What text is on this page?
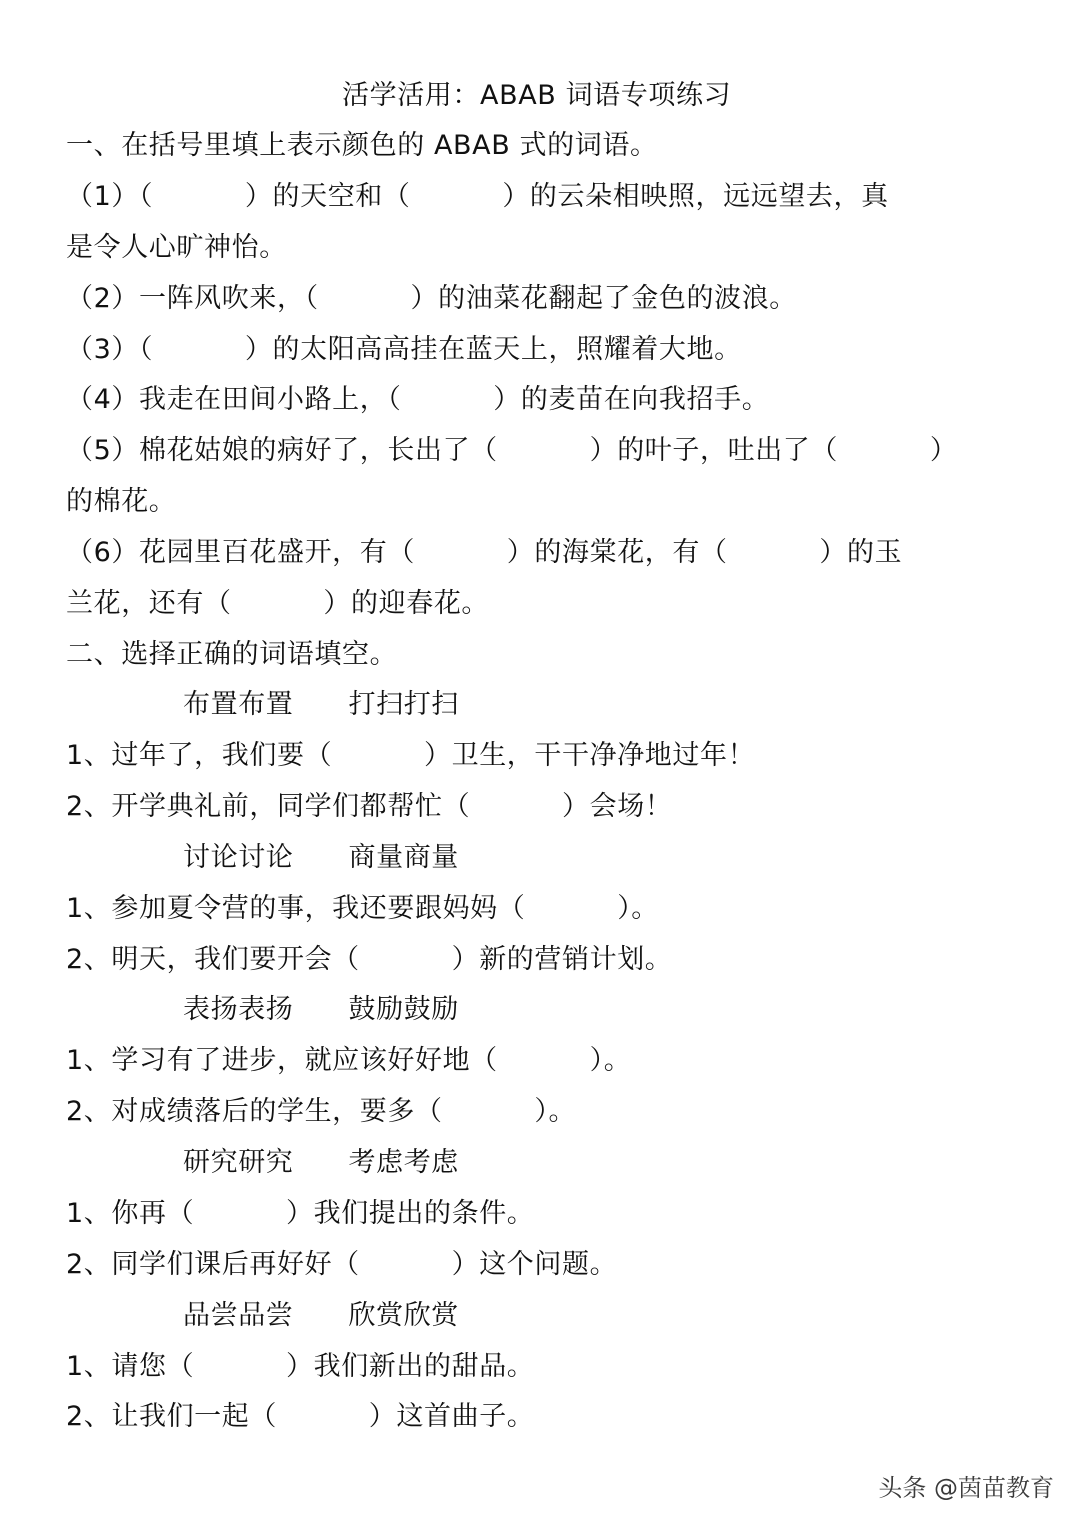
活学活用：ABAB 词语专项练习
一、在括号里填上表示颜色的 ABAB 式的词语。
（1）（          ）的天空和（          ）的云朵相映照，远远望去，真
是令人心旷神怡。
（2）一阵风吹来，（          ）的油菜花翻起了金色的波浪。
（3）（          ）的太阳高高挂在蓝天上，照耀着大地。
（4）我走在田间小路上，（          ）的麦苗在向我招手。
（5）棉花姑娘的病好了，长出了（          ）的叶子，吐出了（          ）
的棉花。
（6）花园里百花盛开，有（          ）的海棠花，有（          ）的玉
兰花，还有（          ）的迎春花。
二、选择正确的词语填空。
布置布置      打扫打扫
1、过年了，我们要（          ）卫生，干干净净地过年！
2、开学典礼前，同学们都帮忙（          ）会场！
讨论讨论      商量商量
1、参加夏令营的事，我还要跟妈妈（          ）。
2、明天，我们要开会（          ）新的营销计划。
表扬表扬      鼓励鼓励
1、学习有了进步，就应该好好地（          ）。
2、对成绩落后的学生，要多（          ）。
研究研究      考虑考虑
1、你再（          ）我们提出的条件。
2、同学们课后再好好（          ）这个问题。
品尝品尝      欣赏欣赏
1、请您（          ）我们新出的甜品。
2、让我们一起（          ）这首曲子。
头条 @茵苗教育
